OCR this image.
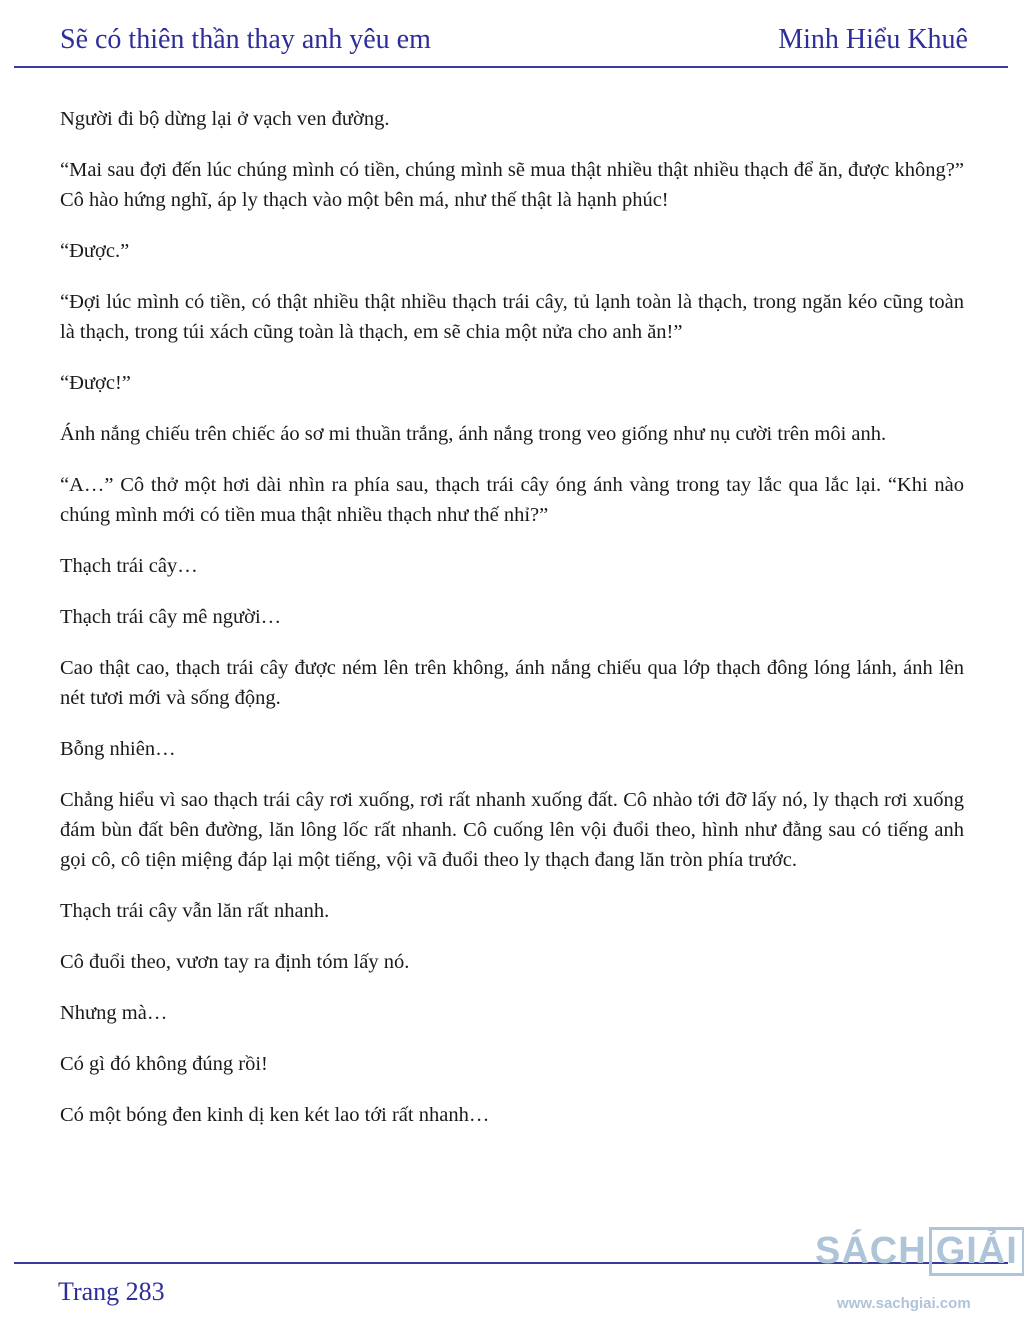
Sẽ có thiên thần thay anh yêu em	Minh Hiểu Khuê

Người đi bộ dừng lại ở vạch ven đường.

“Mai sau đợi đến lúc chúng mình có tiền, chúng mình sẽ mua thật nhiều thật nhiều thạch để ăn, được không?” Cô hào hứng nghĩ, áp ly thạch vào một bên má, như thế thật là hạnh phúc!

“Được.”

“Đợi lúc mình có tiền, có thật nhiều thật nhiều thạch trái cây, tủ lạnh toàn là thạch, trong ngăn kéo cũng toàn là thạch, trong túi xách cũng toàn là thạch, em sẽ chia một nửa cho anh ăn!”

“Được!”

Ánh nắng chiếu trên chiếc áo sơ mi thuần trắng, ánh nắng trong veo giống như nụ cười trên môi anh.

“A…” Cô thở một hơi dài nhìn ra phía sau, thạch trái cây óng ánh vàng trong tay lắc qua lắc lại. “Khi nào chúng mình mới có tiền mua thật nhiều thạch như thế nhỉ?”

Thạch trái cây…

Thạch trái cây mê người…

Cao thật cao, thạch trái cây được ném lên trên không, ánh nắng chiếu qua lớp thạch đông lóng lánh, ánh lên nét tươi mới và sống động.

Bỗng nhiên…

Chẳng hiểu vì sao thạch trái cây rơi xuống, rơi rất nhanh xuống đất. Cô nhào tới đỡ lấy nó, ly thạch rơi xuống đám bùn đất bên đường, lăn lông lốc rất nhanh. Cô cuống lên vội đuổi theo, hình như đằng sau có tiếng anh gọi cô, cô tiện miệng đáp lại một tiếng, vội vã đuổi theo ly thạch đang lăn tròn phía trước.

Thạch trái cây vẫn lăn rất nhanh.

Cô đuổi theo, vươn tay ra định tóm lấy nó.

Nhưng mà…

Có gì đó không đúng rồi!

Có một bóng đen kinh dị ken két lao tới rất nhanh…

Trang 283
SÁCH GIẢI
www.sachgiai.com
